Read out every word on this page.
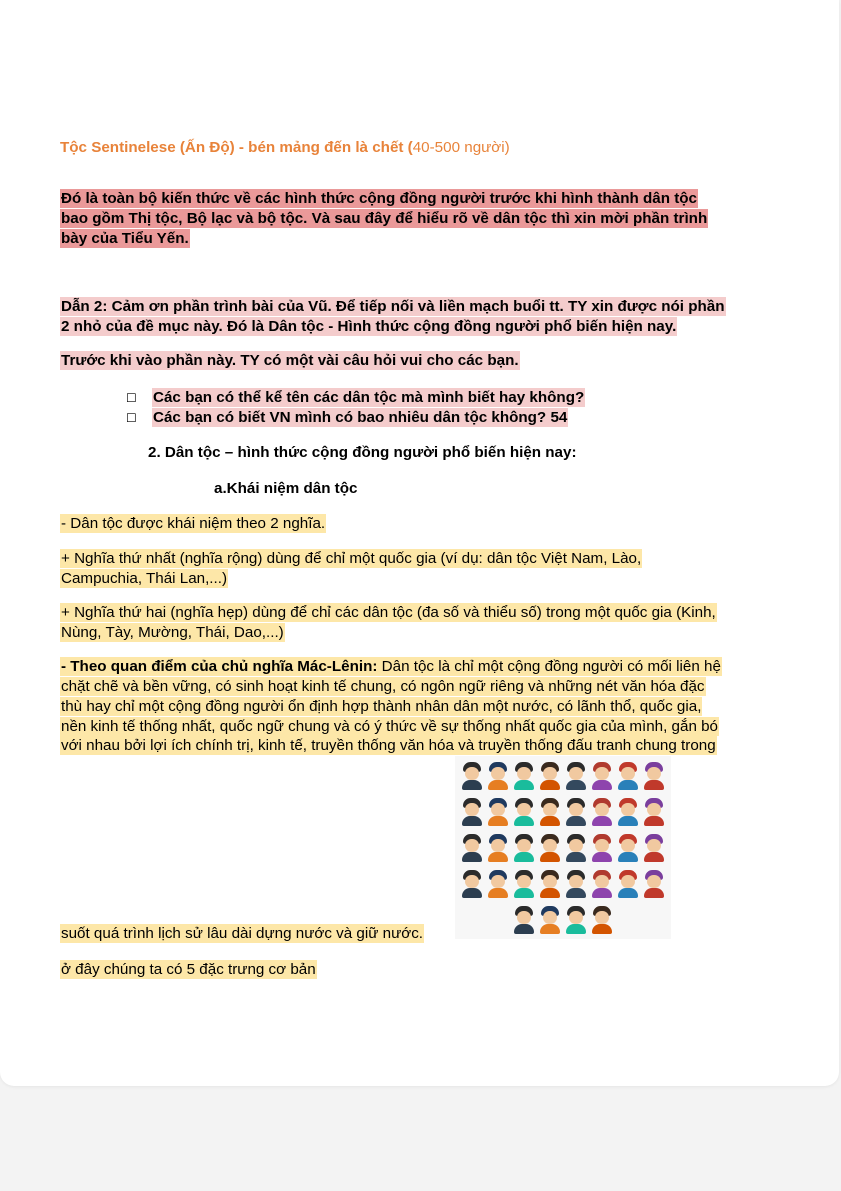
Tộc Sentinelese (Ấn Độ) - bén mảng đến là chết (40-500 người)
Đó là toàn bộ kiến thức về các hình thức cộng đồng người trước khi hình thành dân tộc
bao gồm Thị tộc, Bộ lạc và bộ tộc. Và sau đây để hiểu rõ về dân tộc thì xin mời phần trình
bày của Tiểu Yến.
Dẫn 2: Cảm ơn phần trình bài của Vũ. Để tiếp nối và liền mạch buổi tt. TY xin được nói phần
2 nhỏ của đề mục này. Đó là Dân tộc - Hình thức cộng đồng người phổ biến hiện nay.
Trước khi vào phần này. TY có một vài câu hỏi vui cho các bạn.
☐ Các bạn có thể kể tên các dân tộc mà mình biết hay không?
☐ Các bạn có biết VN mình có bao nhiêu dân tộc không? 54
2. Dân tộc – hình thức cộng đồng người phổ biến hiện nay:
a.Khái niệm dân tộc
- Dân tộc được khái niệm theo 2 nghĩa.
+ Nghĩa thứ nhất (nghĩa rộng) dùng để chỉ một quốc gia (ví dụ: dân tộc Việt Nam, Lào,
Campuchia, Thái Lan,...)
+ Nghĩa thứ hai (nghĩa hẹp) dùng để chỉ các dân tộc (đa số và thiểu số) trong một quốc gia (Kinh,
Nùng, Tày, Mường, Thái, Dao,...)
- Theo quan điểm của chủ nghĩa Mác-Lênin: Dân tộc là chỉ một cộng đồng người có mối liên hệ
chặt chẽ và bền vững, có sinh hoạt kinh tế chung, có ngôn ngữ riêng và những nét văn hóa đặc
thù hay chỉ một cộng đồng người ổn định hợp thành nhân dân một nước, có lãnh thổ, quốc gia,
nền kinh tế thống nhất, quốc ngữ chung và có ý thức về sự thống nhất quốc gia của mình, gắn bó
với nhau bởi lợi ích chính trị, kinh tế, truyền thống văn hóa và truyền thống đấu tranh chung trong
suốt quá trình lịch sử lâu dài dựng nước và giữ nước.
ở đây chúng ta có 5 đặc trưng cơ bản
